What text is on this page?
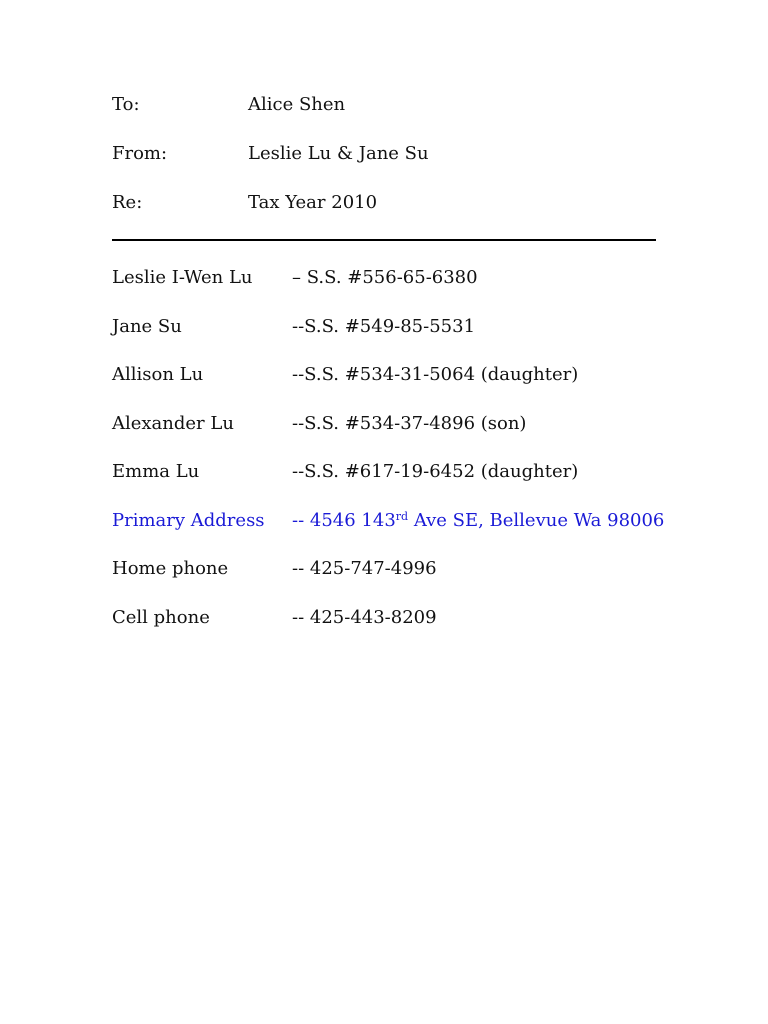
To:	Alice Shen
From:	Leslie Lu & Jane Su
Re:	Tax Year 2010
Leslie I-Wen Lu – S.S. #556-65-6380
Jane Su	--S.S. #549-85-5531
Allison Lu	--S.S. #534-31-5064 (daughter)
Alexander Lu	--S.S. #534-37-4896 (son)
Emma Lu	--S.S. #617-19-6452 (daughter)
Primary Address -- 4546 143rd Ave SE, Bellevue Wa 98006
Home phone	-- 425-747-4996
Cell phone	-- 425-443-8209
